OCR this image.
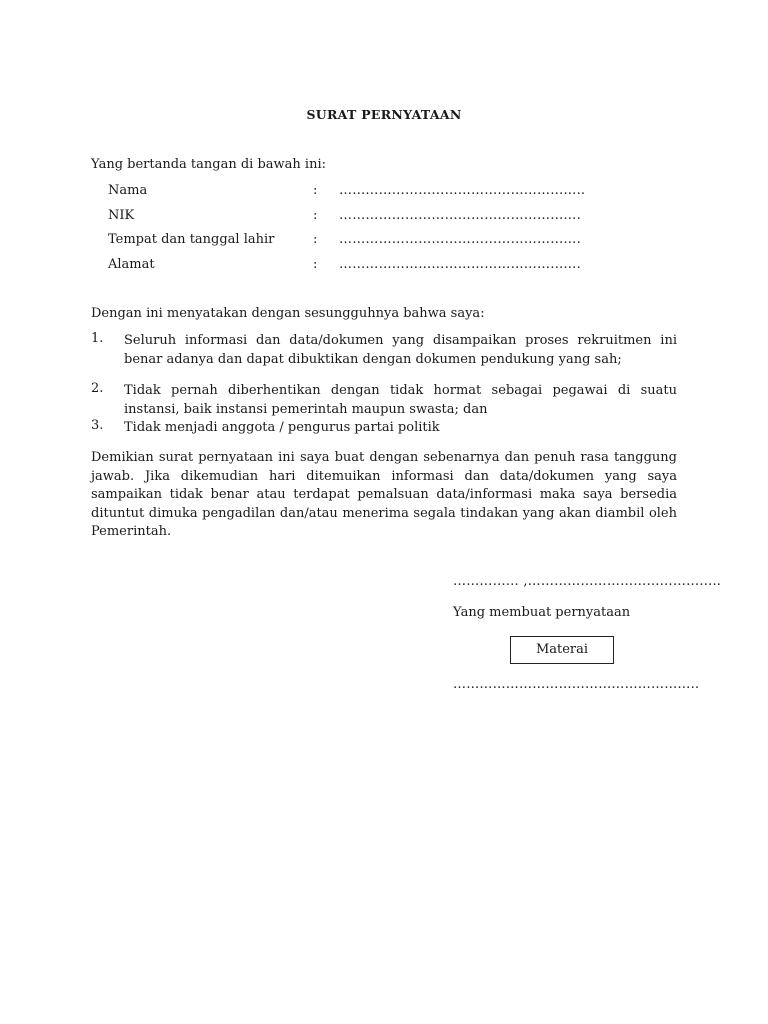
SURAT PERNYATAAN
Yang bertanda tangan di bawah ini:
Nama	: ………………………………………………..
NIK	: ……………………………………………….
Tempat dan tanggal lahir	: ……………………………………………….
Alamat	: ……………………………………………….
Dengan ini menyatakan dengan sesungguhnya bahwa saya:
1. Seluruh informasi dan data/dokumen yang disampaikan proses rekruitmen ini benar adanya dan dapat dibuktikan dengan dokumen pendukung yang sah;
2. Tidak pernah diberhentikan dengan tidak hormat sebagai pegawai di suatu instansi, baik instansi pemerintah maupun swasta; dan
3. Tidak menjadi anggota / pengurus partai politik
Demikian surat pernyataan ini saya buat dengan sebenarnya dan penuh rasa tanggung jawab. Jika dikemudian hari ditemuikan informasi dan data/dokumen yang saya sampaikan tidak benar atau terdapat pemalsuan data/informasi maka saya bersedia dituntut dimuka pengadilan dan/atau menerima segala tindakan yang akan diambil oleh Pemerintah.
…………… ,……………………………………..
Yang membuat pernyataan
Materai
………………………………………………..
